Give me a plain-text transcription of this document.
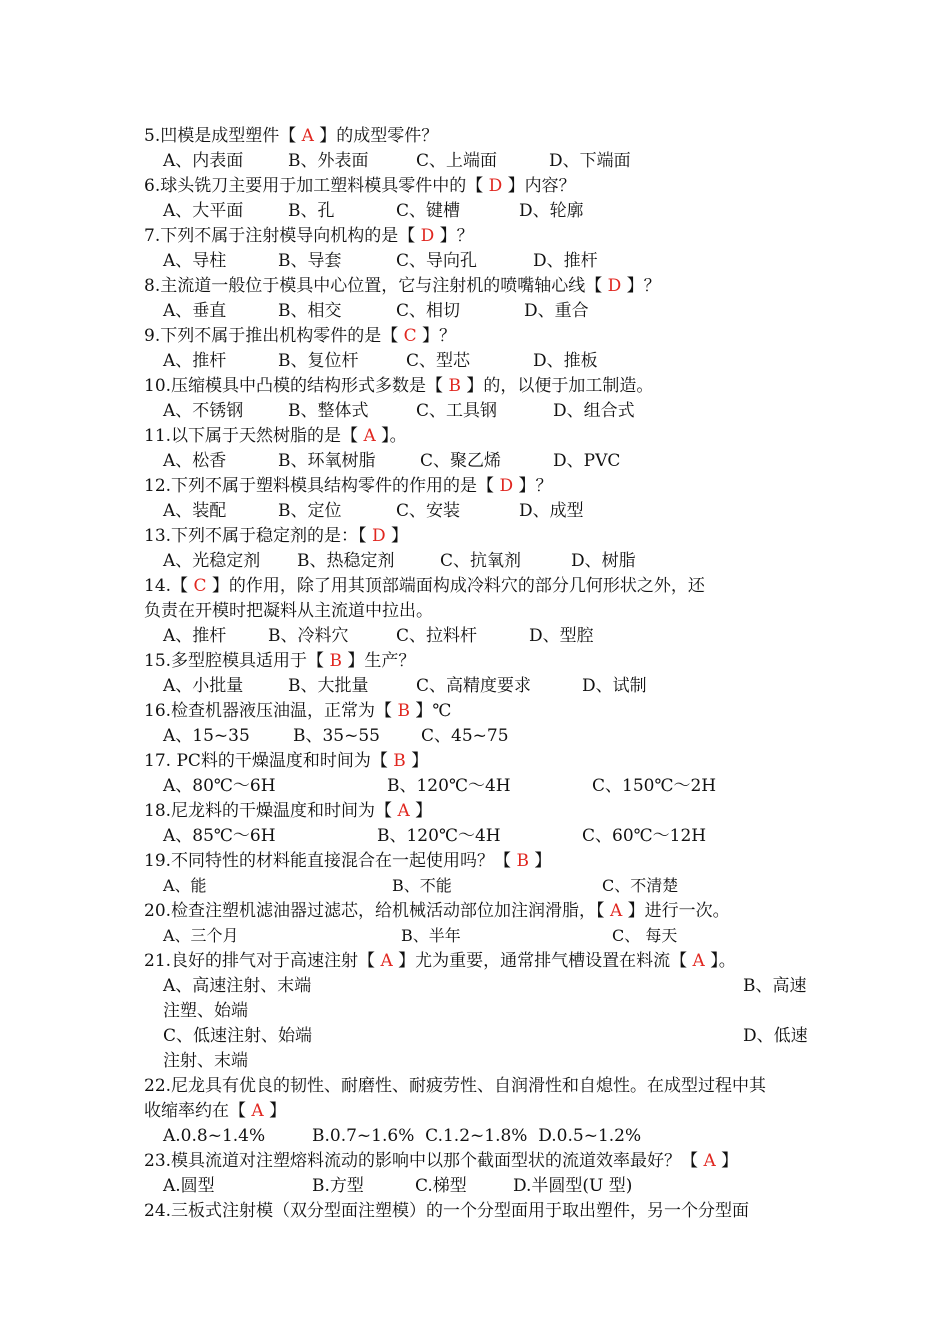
5.凹模是成型塑件【 A 】的成型零件？
A、内表面	B、外表面	C、上端面	D、下端面
6.球头铣刀主要用于加工塑料模具零件中的【 D 】内容？
A、大平面	B、孔	C、键槽	D、轮廓
7.下列不属于注射模导向机构的是【 D 】？
A、导柱	B、导套	C、导向孔	D、推杆
8.主流道一般位于模具中心位置，它与注射机的喷嘴轴心线【 D 】？
A、垂直	B、相交	C、相切	D、重合
9.下列不属于推出机构零件的是【 C 】？
A、推杆	B、复位杆	C、型芯	D、推板
10.压缩模具中凸模的结构形式多数是【 B 】的，以便于加工制造。
A、不锈钢	B、整体式	C、工具钢	D、组合式
11.以下属于天然树脂的是【 A 】。
A、松香	B、环氧树脂	C、聚乙烯	D、PVC
12.下列不属于塑料模具结构零件的作用的是【 D 】？
A、装配	B、定位	C、安装	D、成型
13.下列不属于稳定剂的是：【 D 】
A、光稳定剂 B、热稳定剂	C、抗氧剂	D、树脂
14.【 C 】的作用，除了用其顶部端面构成冷料穴的部分几何形状之外，还
负责在开模时把凝料从主流道中拉出。
A、推杆 B、冷料穴	C、拉料杆	D、型腔
15.多型腔模具适用于【 B 】生产？
A、小批量	B、大批量	C、高精度要求	D、试制
16.检查机器液压油温，正常为【 B 】℃
A、15~35	B、35~55 C、45~75
17. PC料的干燥温度和时间为【 B 】
A、80℃～6H	B、120℃～4H	C、150℃～2H
18.尼龙料的干燥温度和时间为【 A 】
A、85℃～6H	B、120℃～4H	C、60℃～12H
19.不同特性的材料能直接混合在一起使用吗？【 B 】
A、能	B、不能	C、不清楚
20.检查注塑机滤油器过滤芯，给机械活动部位加注润滑脂，【 A 】进行一次。
A、三个月	B、半年	C、 每天
21.良好的排气对于高速注射【 A 】尤为重要，通常排气槽设置在料流【 A 】。
A、高速注射、末端	B、高速
注塑、始端
C、低速注射、始端	D、低速
注射、末端
22.尼龙具有优良的韧性、耐磨性、耐疲劳性、自润滑性和自熄性。在成型过程中其
收缩率约在【 A 】
A.0.8~1.4%	B.0.7~1.6%  C.1.2~1.8%  D.0.5~1.2%
23.模具流道对注塑熔料流动的影响中以那个截面型状的流道效率最好？【 A 】
A.圆型	B.方型	C.梯型	D.半圆型(U 型)
24.三板式注射模（双分型面注塑模）的一个分型面用于取出塑件，另一个分型面
